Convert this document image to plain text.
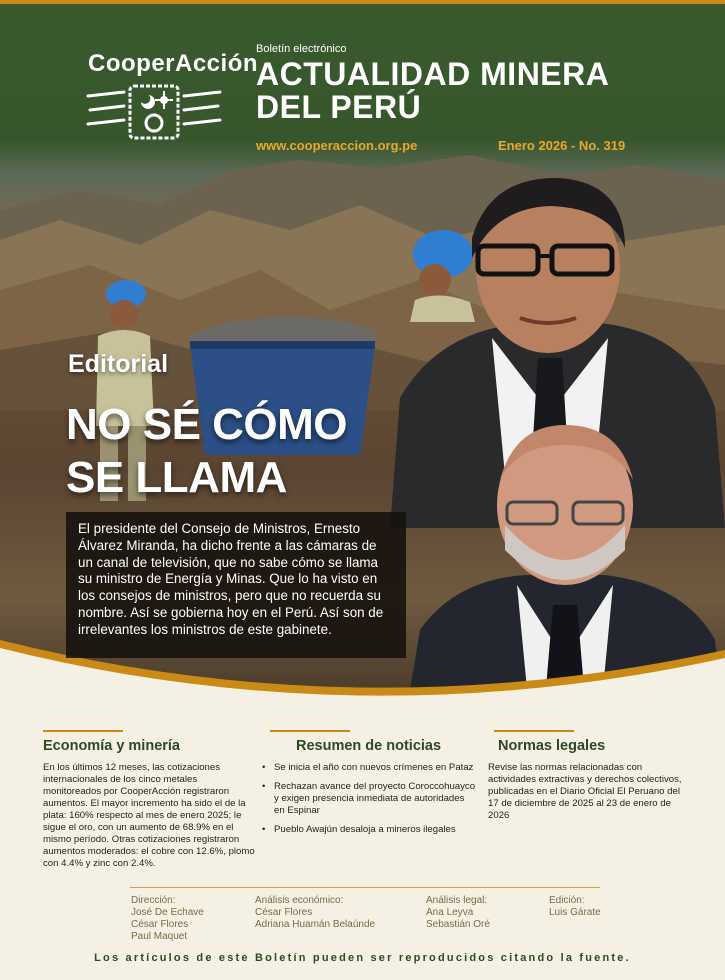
CooperAcción
Boletín electrónico
ACTUALIDAD MINERA
DEL PERÚ
www.cooperaccion.org.pe	Enero 2026 - No. 319
Editorial
NO SÉ CÓMO
SE LLAMA

El presidente del Consejo de Ministros, Ernesto Álvarez Miranda, ha dicho frente a las cámaras de un canal de televisión, que no sabe cómo se llama su ministro de Energía y Minas. Que lo ha visto en los consejos de ministros, pero que no recuerda su nombre. Así se gobierna hoy en el Perú. Así son de irrelevantes los ministros de este gabinete.

Economía y minería

En los últimos 12 meses, las cotizaciones internacionales de los cinco metales monitoreados por CooperAcción registraron aumentos. El mayor incremento ha sido el de la plata: 160% respecto al mes de enero 2025; le sigue el oro, con un aumento de 68.9% en el mismo período. Otras cotizaciones registraron aumentos moderados: el cobre con 12.6%, plomo con 4.4% y zinc con 2.4%.

Resumen de noticias
• Se inicia el año con nuevos crímenes en Pataz
• Rechazan avance del proyecto Coroccohuayco y exigen presencia inmediata de autoridades en Espinar
• Pueblo Awajún desaloja a mineros ilegales
Normas legales

Revise las normas relacionadas con actividades extractivas y derechos colectivos, publicadas en el Diario Oficial El Peruano del 17 de diciembre de 2025 al 23 de enero de 2026

Dirección:
José De Echave
César Flores
Paul Maquet
Análisis económico:
César Flores
Adriana Huamán Belaúnde
Análisis legal:
Ana Leyva
Sebastián Oré
Edición:
Luis Gárate
Los artículos de este Boletín pueden ser reproducidos citando la fuente.
